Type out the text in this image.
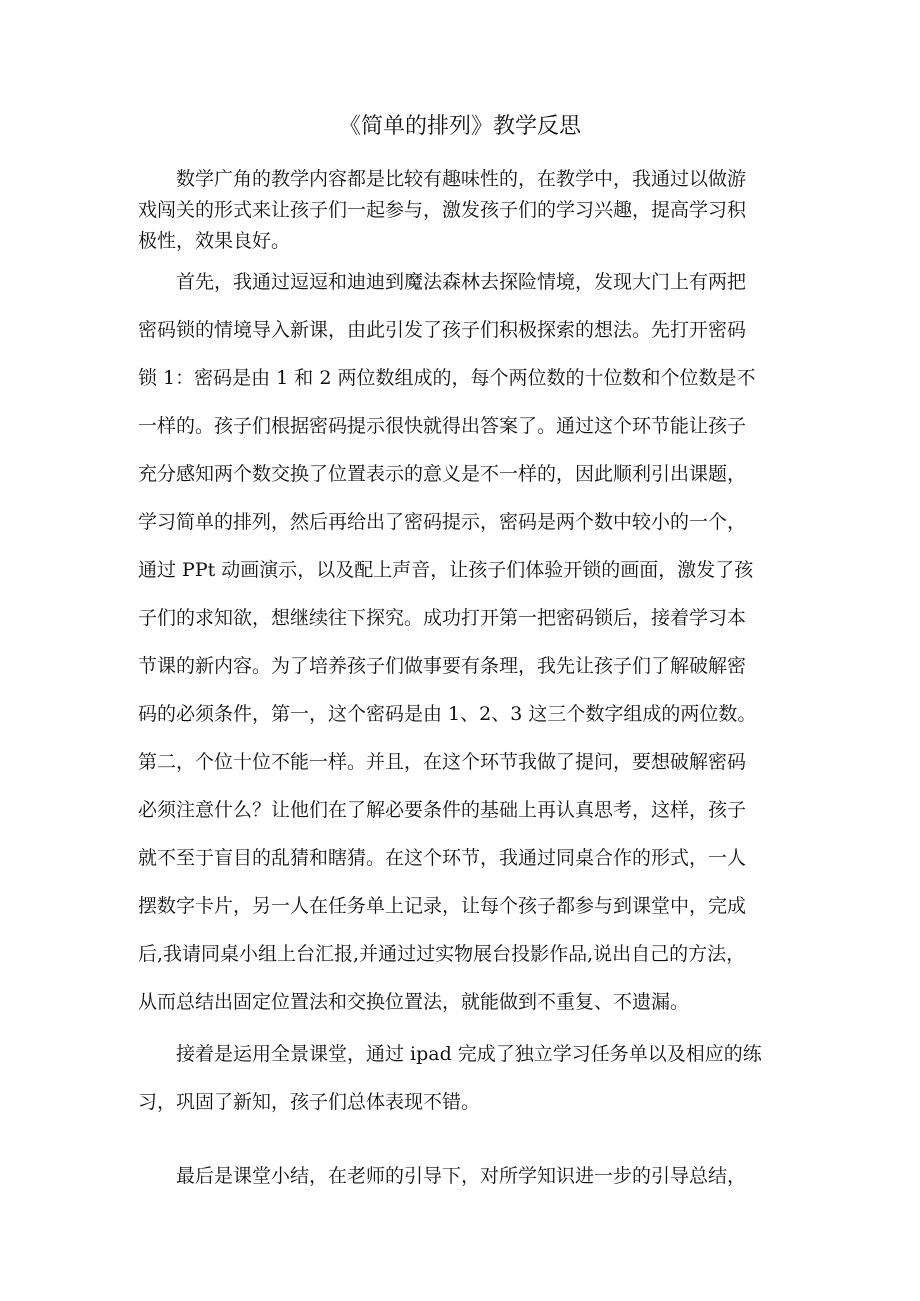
《简单的排列》教学反思

数学广角的教学内容都是比较有趣味性的，在教学中，我通过以做游
戏闯关的形式来让孩子们一起参与，激发孩子们的学习兴趣，提高学习积
极性，效果良好。

首先，我通过逗逗和迪迪到魔法森林去探险情境，发现大门上有两把
密码锁的情境导入新课，由此引发了孩子们积极探索的想法。先打开密码
锁 1：密码是由 1 和 2 两位数组成的，每个两位数的十位数和个位数是不
一样的。孩子们根据密码提示很快就得出答案了。通过这个环节能让孩子
充分感知两个数交换了位置表示的意义是不一样的，因此顺利引出课题，
学习简单的排列，然后再给出了密码提示，密码是两个数中较小的一个，
通过 PPt 动画演示，以及配上声音，让孩子们体验开锁的画面，激发了孩
子们的求知欲，想继续往下探究。成功打开第一把密码锁后，接着学习本
节课的新内容。为了培养孩子们做事要有条理，我先让孩子们了解破解密
码的必须条件，第一，这个密码是由 1、2、3 这三个数字组成的两位数。
第二，个位十位不能一样。并且，在这个环节我做了提问，要想破解密码
必须注意什么？让他们在了解必要条件的基础上再认真思考，这样，孩子
就不至于盲目的乱猜和瞎猜。在这个环节，我通过同桌合作的形式，一人
摆数字卡片，另一人在任务单上记录，让每个孩子都参与到课堂中，完成
后,我请同桌小组上台汇报,并通过过实物展台投影作品,说出自己的方法，
从而总结出固定位置法和交换位置法，就能做到不重复、不遗漏。

接着是运用全景课堂，通过 ipad 完成了独立学习任务单以及相应的练
习，巩固了新知，孩子们总体表现不错。

最后是课堂小结，在老师的引导下，对所学知识进一步的引导总结，
